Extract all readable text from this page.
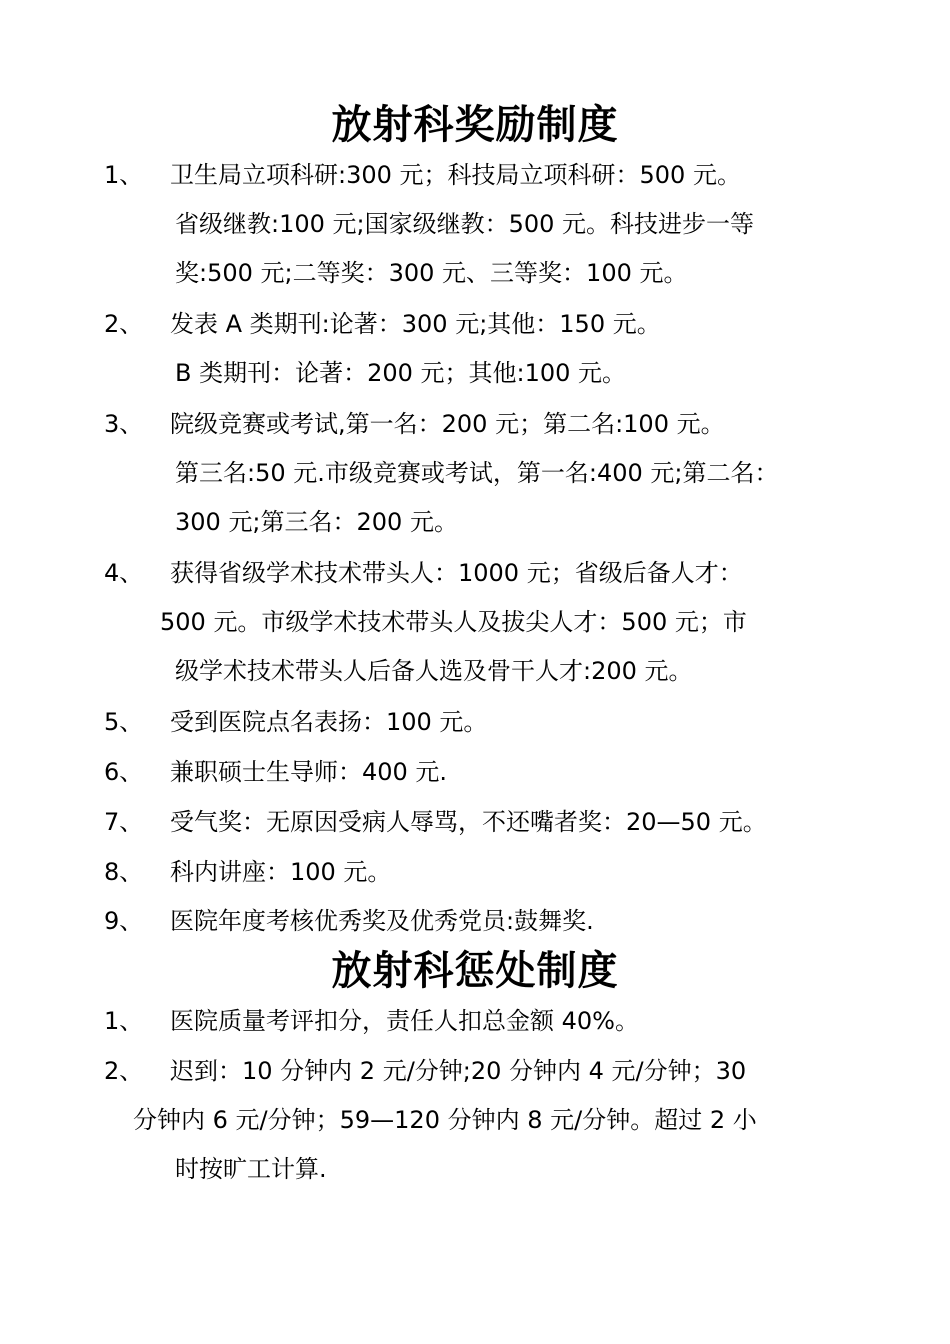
放射科奖励制度
1、 卫生局立项科研:300 元；科技局立项科研：500 元。
省级继教:100 元;国家级继教：500 元。科技进步一等
奖:500 元;二等奖：300 元、三等奖：100 元。
2、 发表 A 类期刊:论著：300 元;其他：150 元。
B 类期刊：论著：200 元；其他:100 元。
3、 院级竞赛或考试,第一名：200 元；第二名:100 元。
第三名:50 元.市级竞赛或考试，第一名:400 元;第二名：
300 元;第三名：200 元。
4、 获得省级学术技术带头人：1000 元；省级后备人才：
500 元。市级学术技术带头人及拔尖人才：500 元；市
级学术技术带头人后备人选及骨干人才:200 元。
5、 受到医院点名表扬：100 元。
6、 兼职硕士生导师：400 元.
7、 受气奖：无原因受病人辱骂，不还嘴者奖：20—50 元。
8、 科内讲座：100 元。
9、 医院年度考核优秀奖及优秀党员:鼓舞奖.
放射科惩处制度
1、 医院质量考评扣分，责任人扣总金额 40%。
2、 迟到：10 分钟内 2 元/分钟;20 分钟内 4 元/分钟；30
分钟内 6 元/分钟；59—120 分钟内 8 元/分钟。超过 2 小
时按旷工计算.
